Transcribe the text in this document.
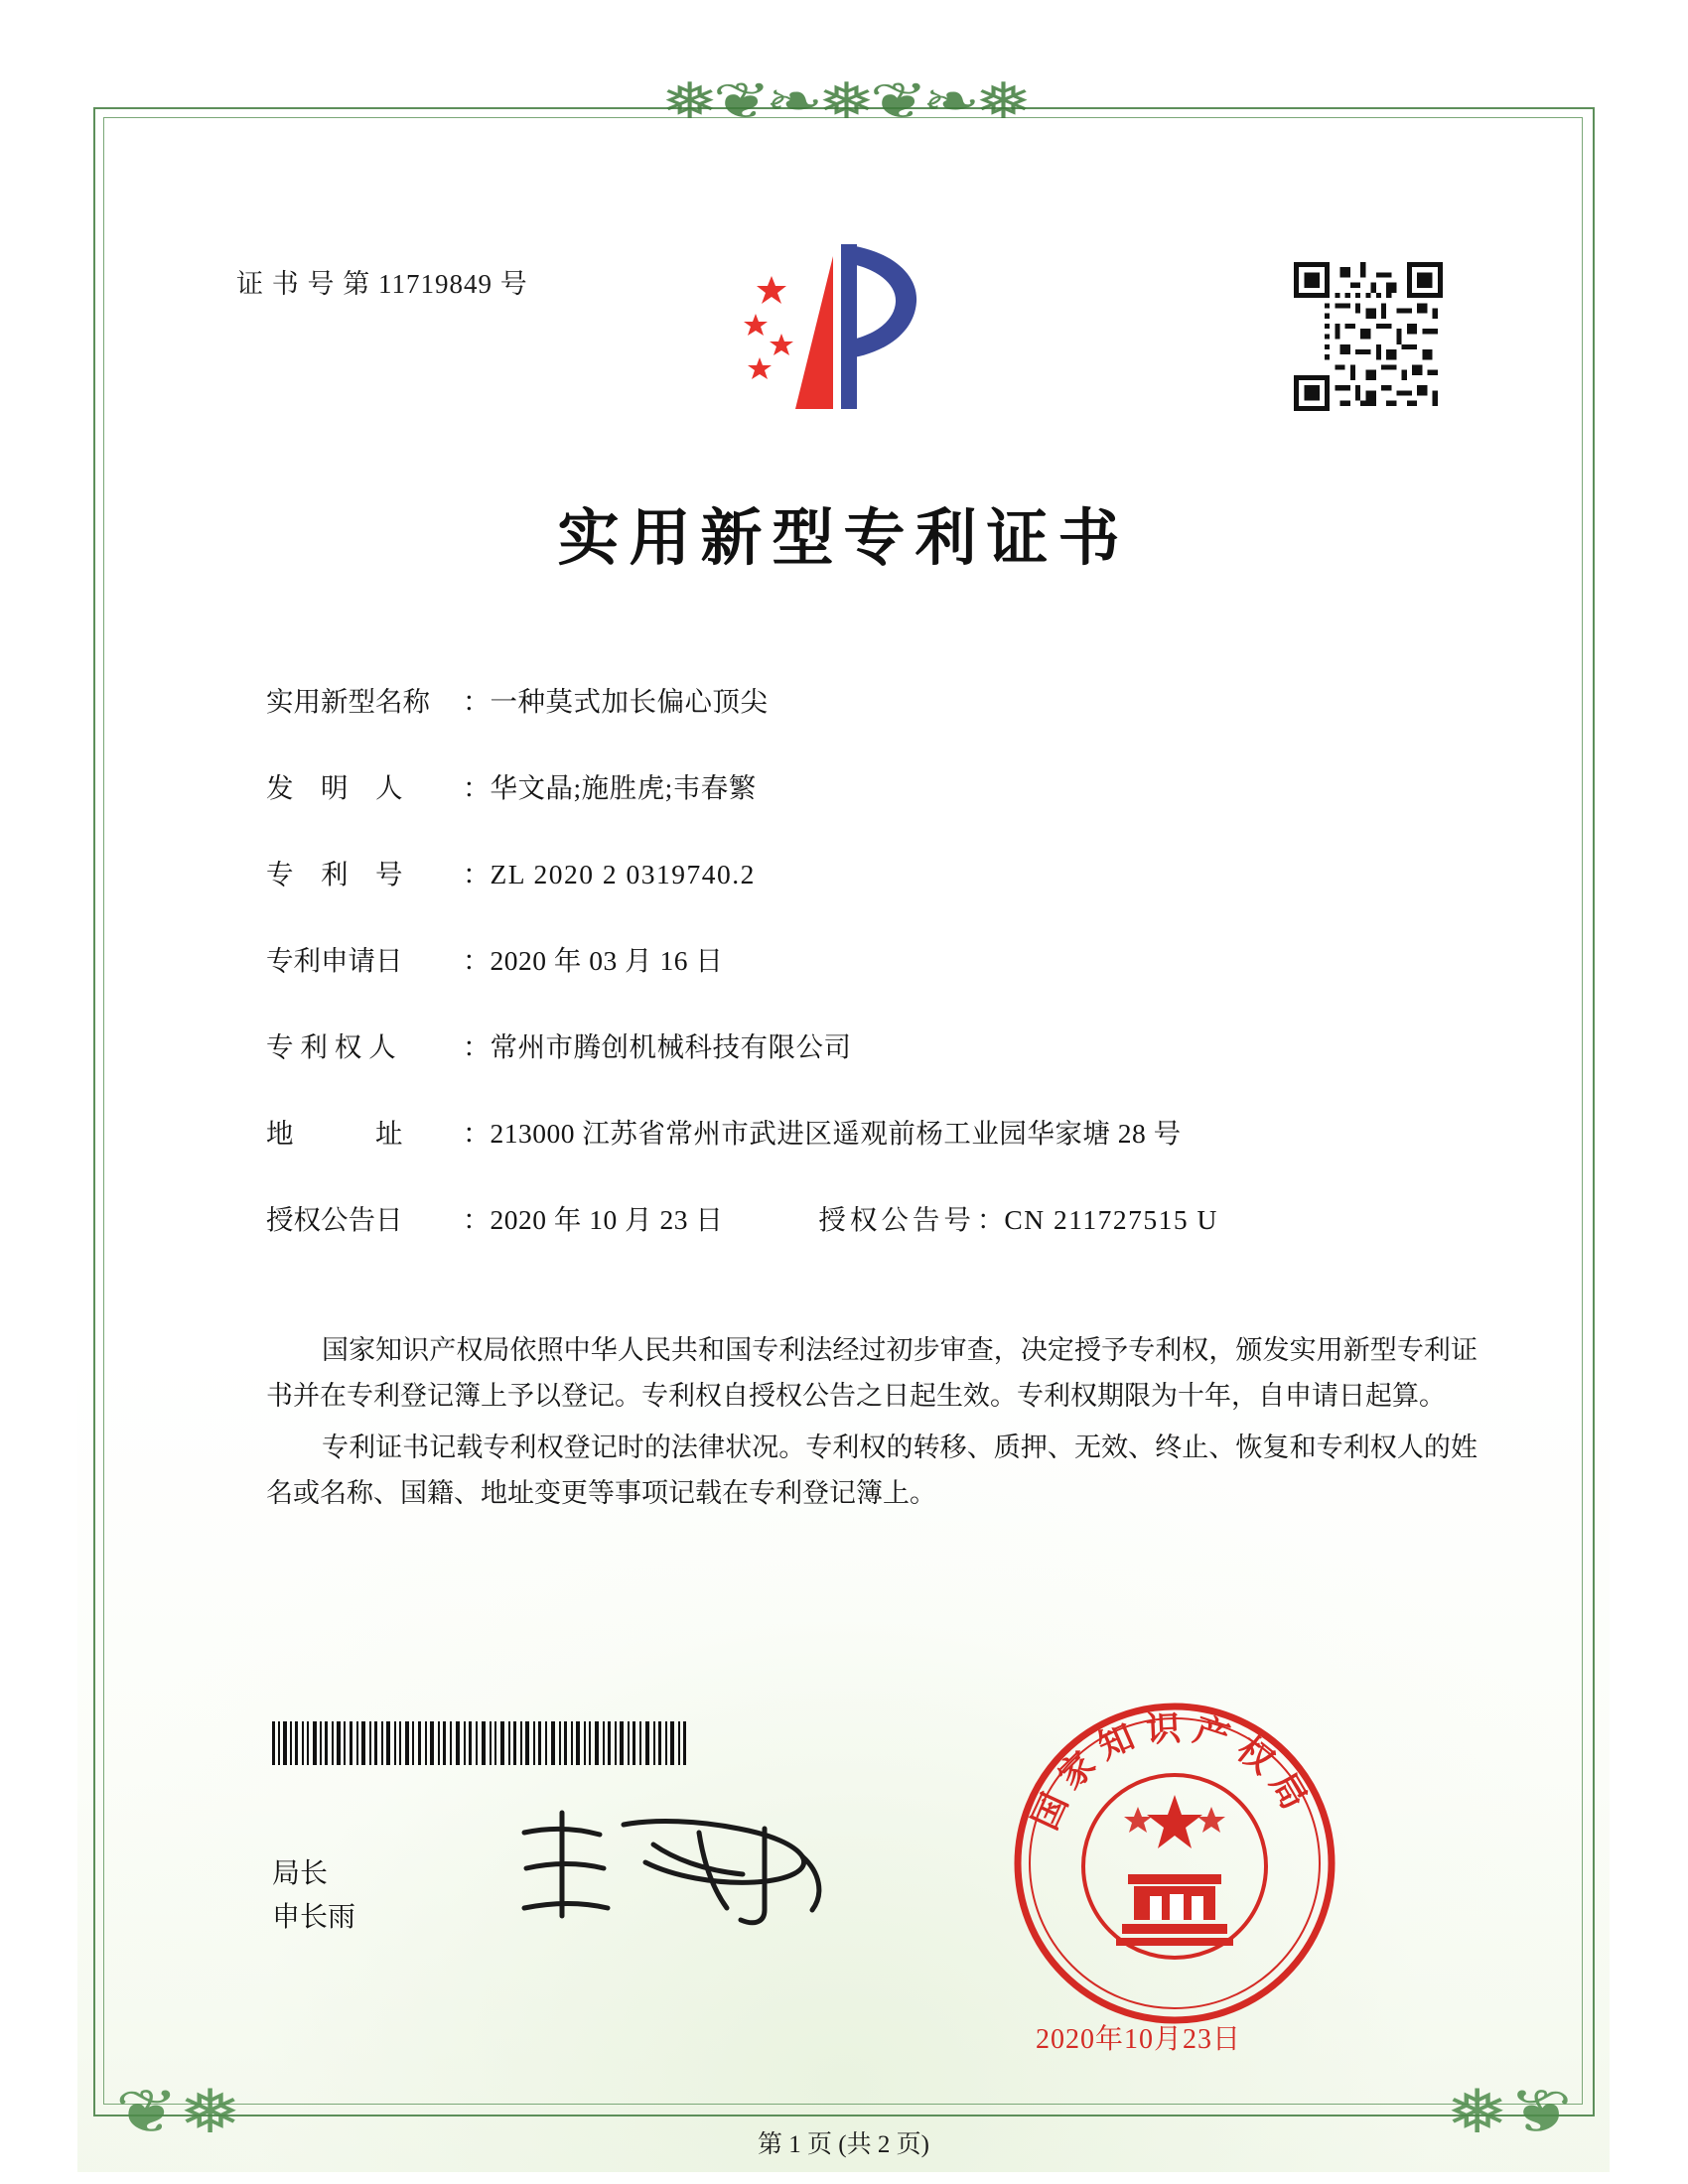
❅❦❧❅❦❧❅
❦❅	❦❅
证 书 号 第 11719849 号
实用新型专利证书
实用新型名称	： 一种莫式加长偏心顶尖
发　明　人	： 华文晶;施胜虎;韦春繁
专　利　号	： ZL 2020 2 0319740.2
专利申请日	： 2020 年 03 月 16 日
专 利 权 人	： 常州市腾创机械科技有限公司
地　　　址	： 213000 江苏省常州市武进区遥观前杨工业园华家塘 28 号
授权公告日	： 2020 年 10 月 23 日	授权公告号 ： CN 211727515 U

国家知识产权局依照中华人民共和国专利法经过初步审查，决定授予专利权，颁发实用新型专利证书并在专利登记簿上予以登记。专利权自授权公告之日起生效。专利权期限为十年，自申请日起算。

专利证书记载专利权登记时的法律状况。专利权的转移、质押、无效、终止、恢复和专利权人的姓名或名称、国籍、地址变更等事项记载在专利登记簿上。

局长
申长雨
国家知识产权局
2020年10月23日
第 1 页 (共 2 页)
